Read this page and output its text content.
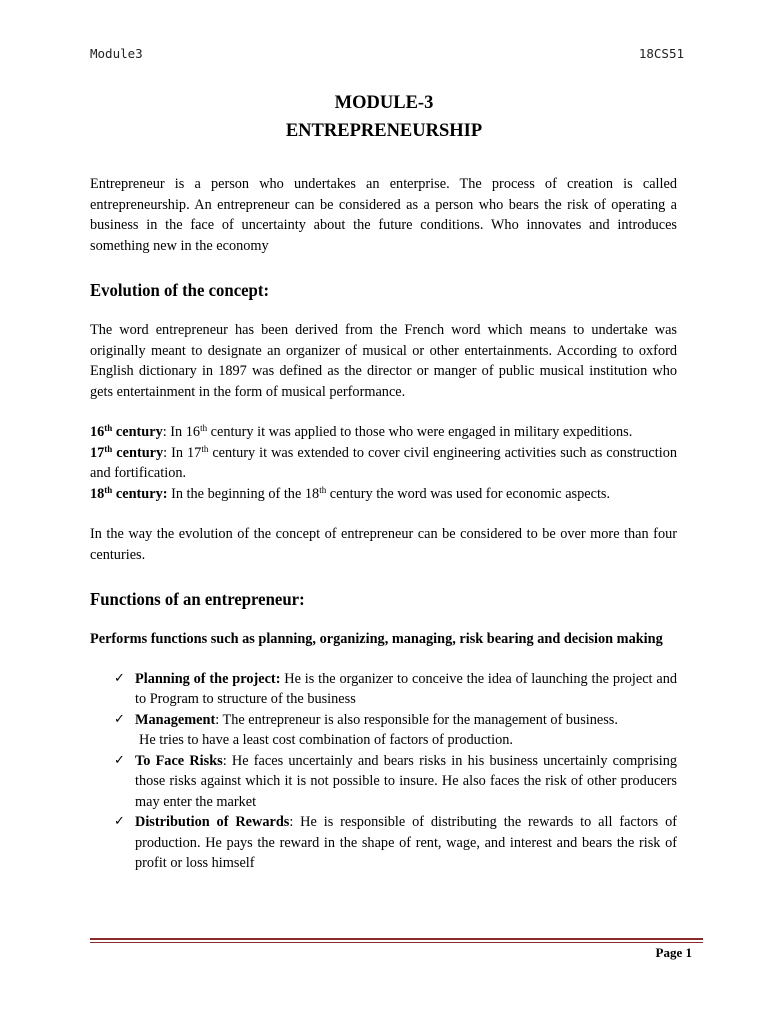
Module3	18CS51
MODULE-3
ENTREPRENEURSHIP

Entrepreneur is a person who undertakes an enterprise. The process of creation is called entrepreneurship. An entrepreneur can be considered as a person who bears the risk of operating a business in the face of uncertainty about the future conditions. Who innovates and introduces something new in the economy

Evolution of the concept:

The word entrepreneur has been derived from the French word which means to undertake was originally meant to designate an organizer of musical or other entertainments. According to oxford English dictionary in 1897 was defined as the director or manger of public musical institution who gets entertainment in the form of musical performance.

16th century: In 16th century it was applied to those who were engaged in military expeditions.

17th century: In 17th century it was extended to cover civil engineering activities such as construction and fortification.

18th century: In the beginning of the 18th century the word was used for economic aspects.

In the way the evolution of the concept of entrepreneur can be considered to be over more than four centuries.

Functions of an entrepreneur:

Performs functions such as planning, organizing, managing, risk bearing and decision making

✓ Planning of the project: He is the organizer to conceive the idea of launching the project and to Program to structure of the business
✓ Management: The entrepreneur is also responsible for the management of business.
He tries to have a least cost combination of factors of production.
✓ To Face Risks: He faces uncertainly and bears risks in his business uncertainly comprising those risks against which it is not possible to insure. He also faces the risk of other producers may enter the market
✓ Distribution of Rewards: He is responsible of distributing the rewards to all factors of production. He pays the reward in the shape of rent, wage, and interest and bears the risk of profit or loss himself
Page 1
